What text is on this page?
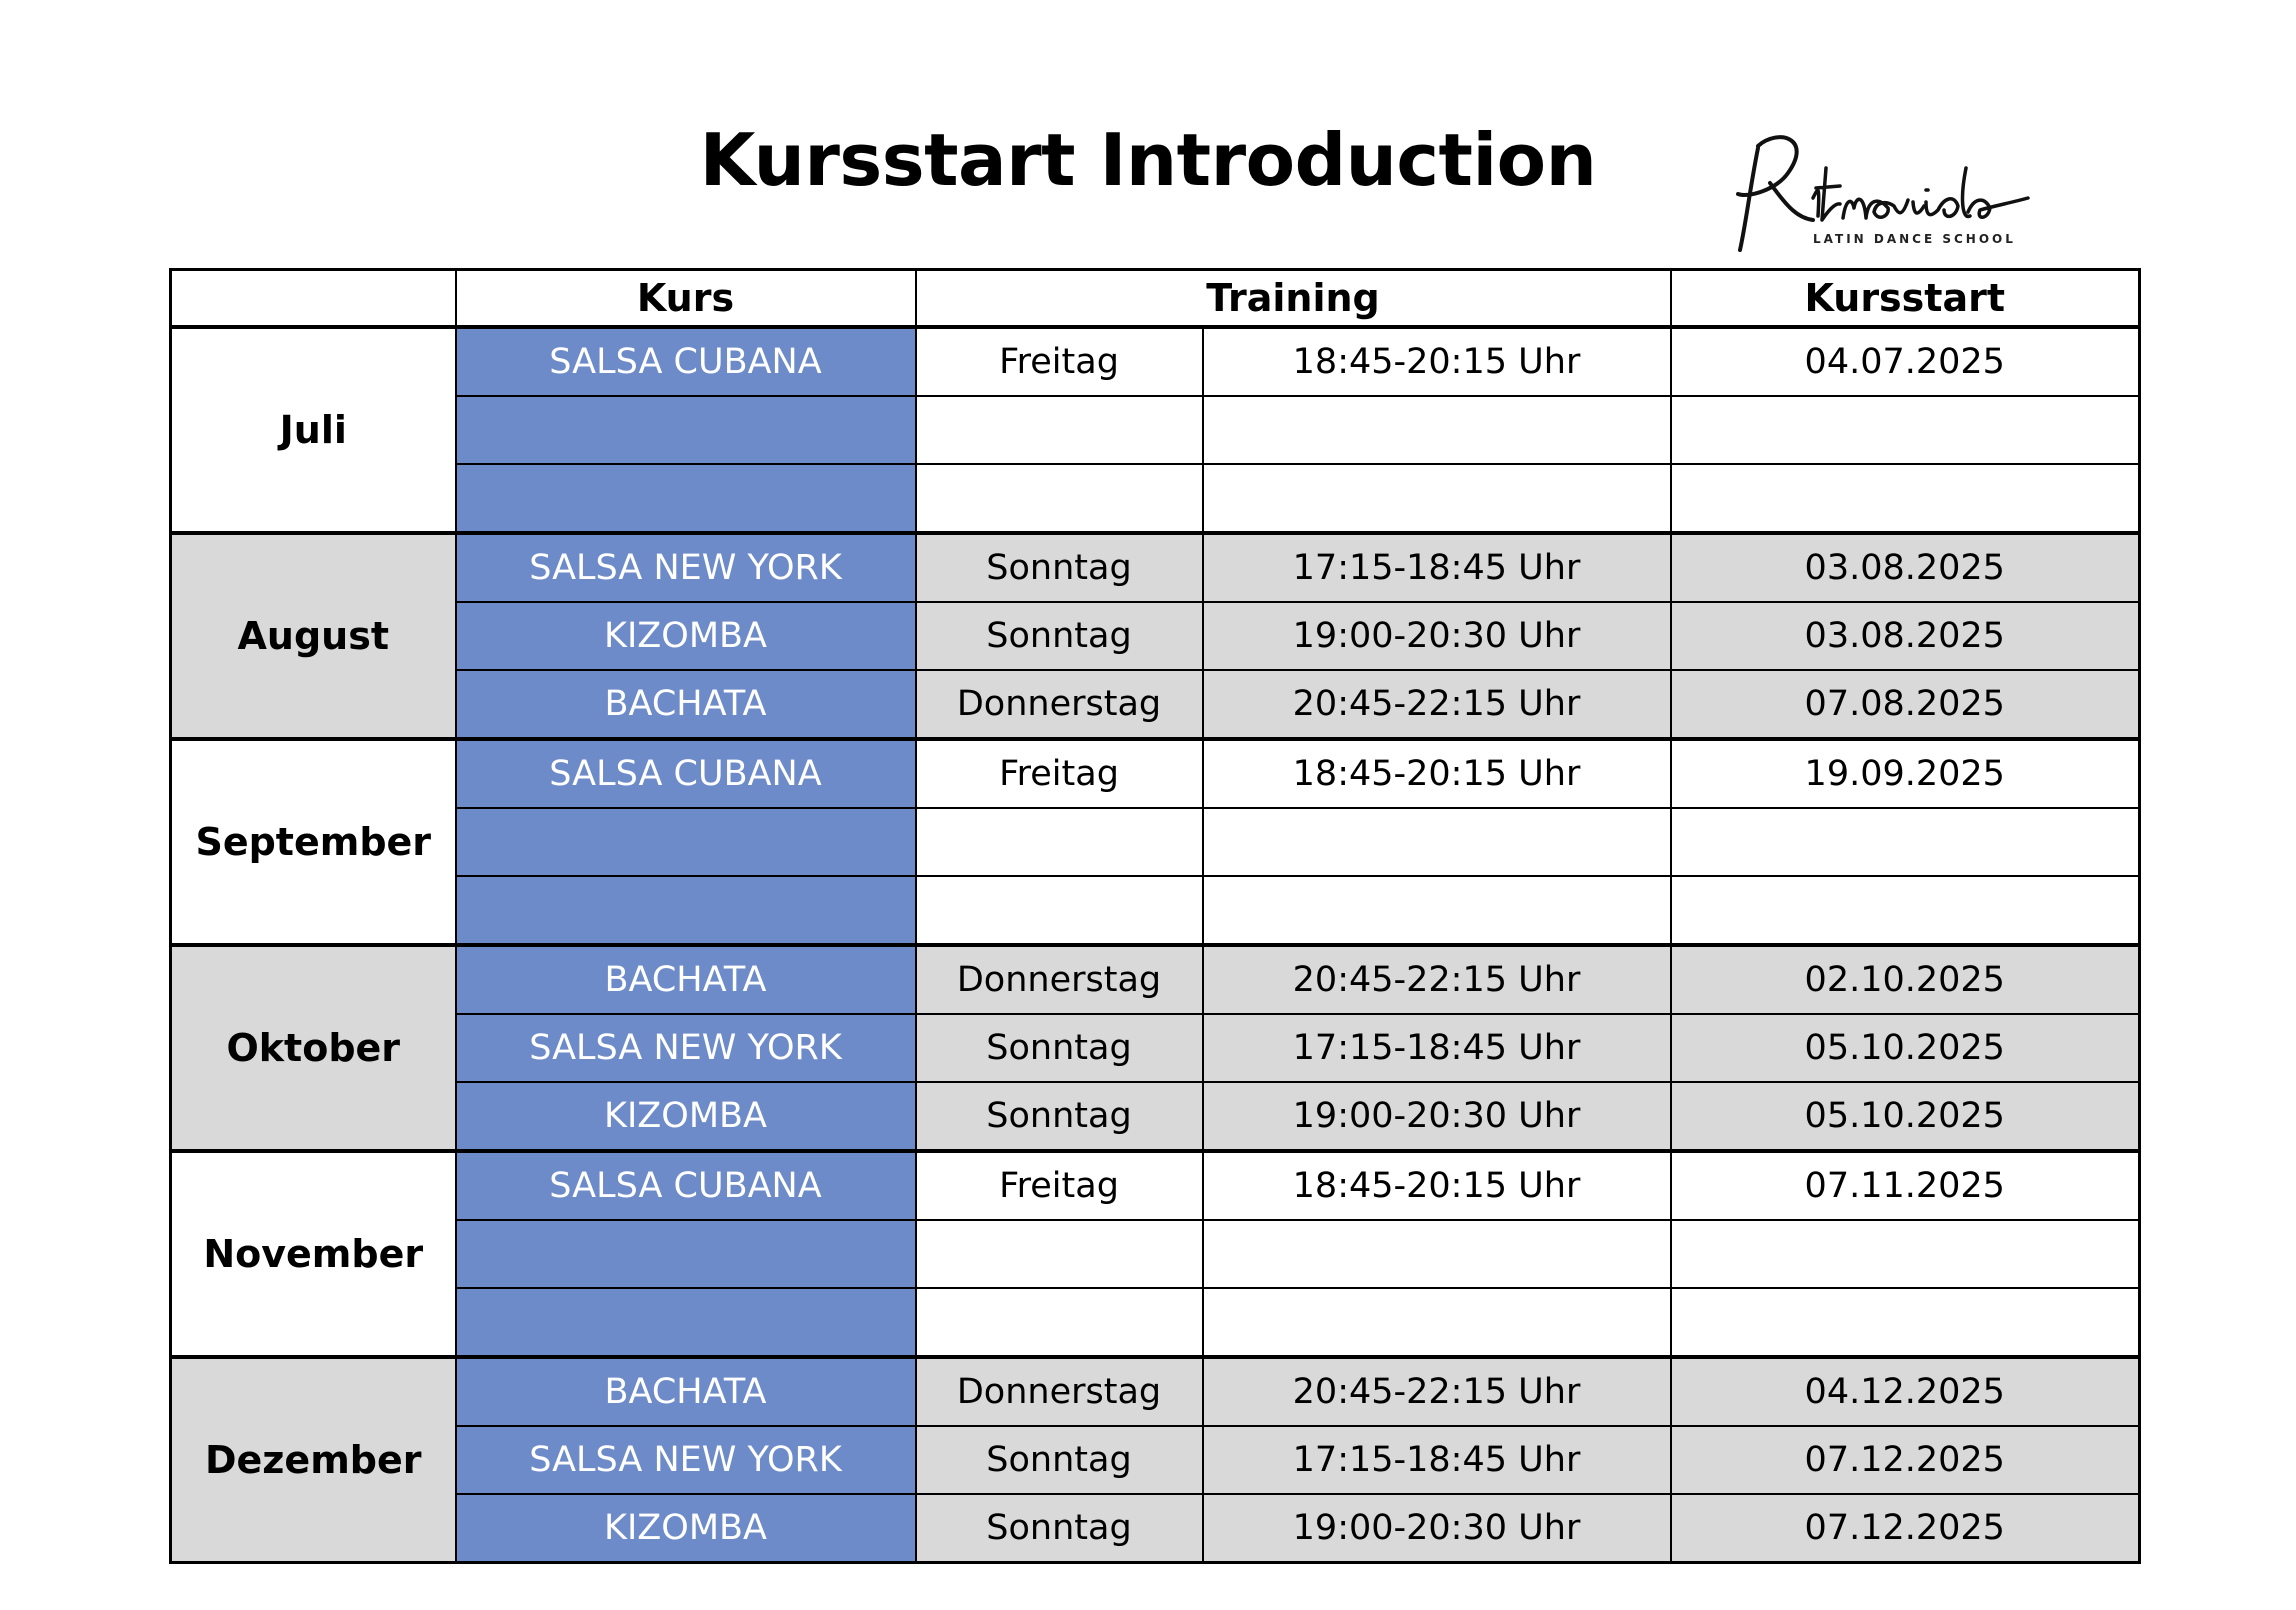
Kursstart Introduction
LATIN DANCE SCHOOL
	Kurs	Training		Kursstart
Juli	SALSA CUBANA	Freitag	18:45-20:15 Uhr	04.07.2025

August	SALSA NEW YORK	Sonntag	17:15-18:45 Uhr	03.08.2025
	KIZOMBA	Sonntag	19:00-20:30 Uhr	03.08.2025
	BACHATA	Donnerstag	20:45-22:15 Uhr	07.08.2025
September	SALSA CUBANA	Freitag	18:45-20:15 Uhr	19.09.2025

Oktober	BACHATA	Donnerstag	20:45-22:15 Uhr	02.10.2025
	SALSA NEW YORK	Sonntag	17:15-18:45 Uhr	05.10.2025
	KIZOMBA	Sonntag	19:00-20:30 Uhr	05.10.2025
November	SALSA CUBANA	Freitag	18:45-20:15 Uhr	07.11.2025

Dezember	BACHATA	Donnerstag	20:45-22:15 Uhr	04.12.2025
	SALSA NEW YORK	Sonntag	17:15-18:45 Uhr	07.12.2025
	KIZOMBA	Sonntag	19:00-20:30 Uhr	07.12.2025
